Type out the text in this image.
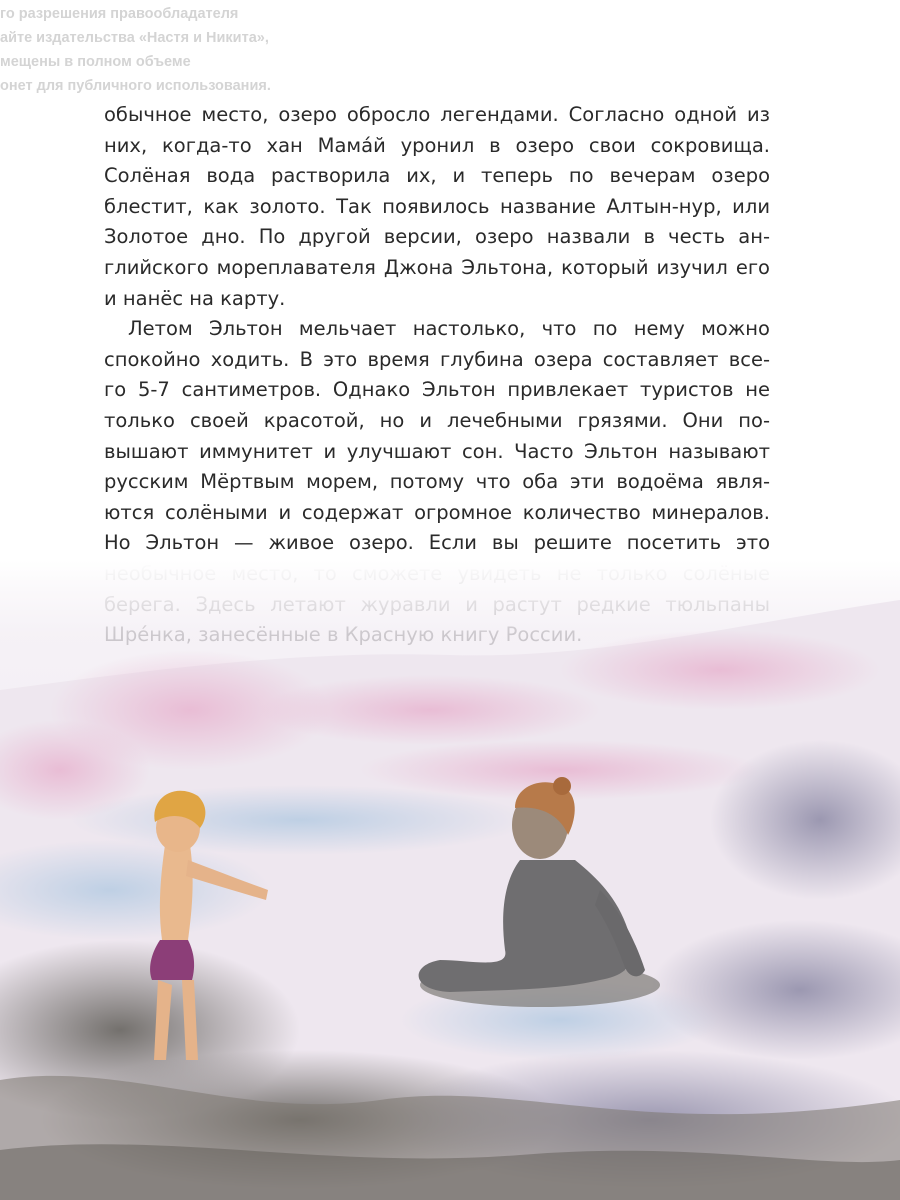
го разрешения правообладателя
айте издательства «Настя и Никита»,
мещены в полном объеме
онет для публичного использования.
обычное место, озеро обросло легендами. Согласно одной из
них, когда-то хан Мама́й уронил в озеро свои сокровища.
Солёная вода растворила их, и теперь по вечерам озеро
блестит, как золото. Так появилось название Алтын-нур, или
Золотое дно. По другой версии, озеро назвали в честь ан-
глийского мореплавателя Джона Эльтона, который изучил его
и нанёс на карту.
Летом Эльтон мельчает настолько, что по нему можно
спокойно ходить. В это время глубина озера составляет все-
го 5-7 сантиметров. Однако Эльтон привлекает туристов не
только своей красотой, но и лечебными грязями. Они по-
вышают иммунитет и улучшают сон. Часто Эльтон называют
русским Мёртвым морем, потому что оба эти водоёма явля-
ются солёными и содержат огромное количество минералов.
Но Эльтон — живое озеро. Если вы решите посетить это
